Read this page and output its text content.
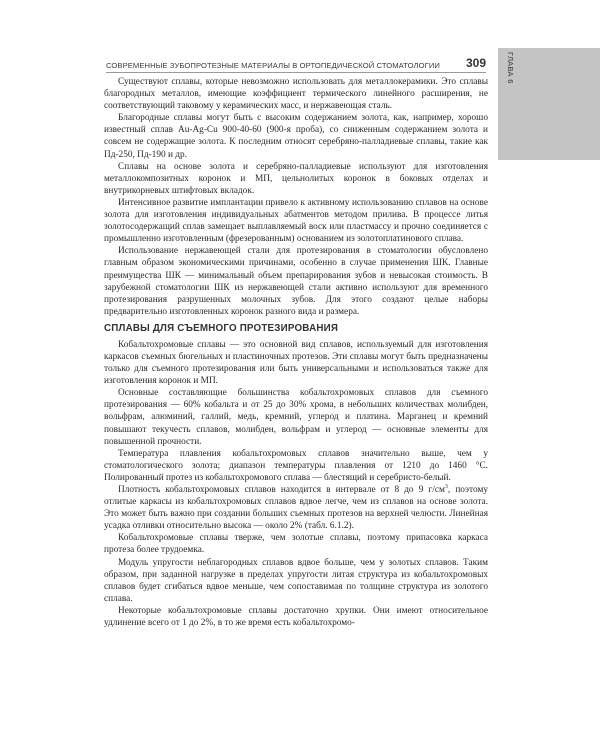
СОВРЕМЕННЫЕ ЗУБОПРОТЕЗНЫЕ МАТЕРИАЛЫ В ОРТОПЕДИЧЕСКОЙ СТОМАТОЛОГИИ 309	ГЛАВА 6

Существуют сплавы, которые невозможно использовать для металлокерамики. Это сплавы благородных металлов, имеющие коэффициент термического линейного расширения, не соответствующий таковому у керамических масс, и нержавеющая сталь.

Благородные сплавы могут быть с высоким содержанием золота, как, например, хорошо известный сплав Au-Ag-Cu 900-40-60 (900-я проба), со сниженным содержанием золота и совсем не содержащие золота. К последним относят серебряно-палладиевые сплавы, такие как Пд-250, Пд-190 и др.

Сплавы на основе золота и серебряно-палладиевые используют для изготовления металлокомпозитных коронок и МП, цельнолитых коронок в боковых отделах и внутрикорневых штифтовых вкладок.

Интенсивное развитие имплантации привело к активному использованию сплавов на основе золота для изготовления индивидуальных абатментов методом прилива. В процессе литья золотосодержащий сплав замещает выплавляемый воск или пластмассу и прочно соединяется с промышленно изготовленным (фрезерованным) основанием из золотоплатинового сплава.

Использование нержавеющей стали для протезирования в стоматологии обусловлено главным образом экономическими причинами, особенно в случае применения ШК. Главные преимущества ШК — минимальный объем препарирования зубов и невысокая стоимость. В зарубежной стоматологии ШК из нержавеющей стали активно используют для временного протезирования разрушенных молочных зубов. Для этого создают целые наборы предварительно изготовленных коронок разного вида и размера.

СПЛАВЫ ДЛЯ СЪЕМНОГО ПРОТЕЗИРОВАНИЯ

Кобальтохромовые сплавы — это основной вид сплавов, используемый для изготовления каркасов съемных бюгельных и пластиночных протезов. Эти сплавы могут быть предназначены только для съемного протезирования или быть универсальными и использоваться также для изготовления коронок и МП.

Основные составляющие большинства кобальтохромовых сплавов для съемного протезирования — 60% кобальта и от 25 до 30% хрома, в небольших количествах молибден, вольфрам, алюминий, галлий, медь, кремний, углерод и платина. Марганец и кремний повышают текучесть сплавов, молибден, вольфрам и углерод — основные элементы для повышенной прочности.

Температура плавления кобальтохромовых сплавов значительно выше, чем у стоматологического золота; диапазон температуры плавления от 1210 до 1460 °С. Полированный протез из кобальтохромового сплава — блестящий и серебристо-белый.

Плотность кобальтохромовых сплавов находится в интервале от 8 до 9 $г/см^3$, поэтому отлитые каркасы из кобальтохромовых сплавов вдвое легче, чем из сплавов на основе золота. Это может быть важно при создании больших съемных протезов на верхней челюсти. Линейная усадка отливки относительно высока — около 2% (табл. 6.1.2).

Кобальтохромовые сплавы тверже, чем золотые сплавы, поэтому припасовка каркаса протеза более трудоемка.

Модуль упругости неблагородных сплавов вдвое больше, чем у золотых сплавов. Таким образом, при заданной нагрузке в пределах упругости литая структура из кобальтохромовых сплавов будет сгибаться вдвое меньше, чем сопоставимая по толщине структура из золотого сплава.

Некоторые кобальтохромовые сплавы достаточно хрупки. Они имеют относительное удлинение всего от 1 до 2%, в то же время есть кобальтохромо-
